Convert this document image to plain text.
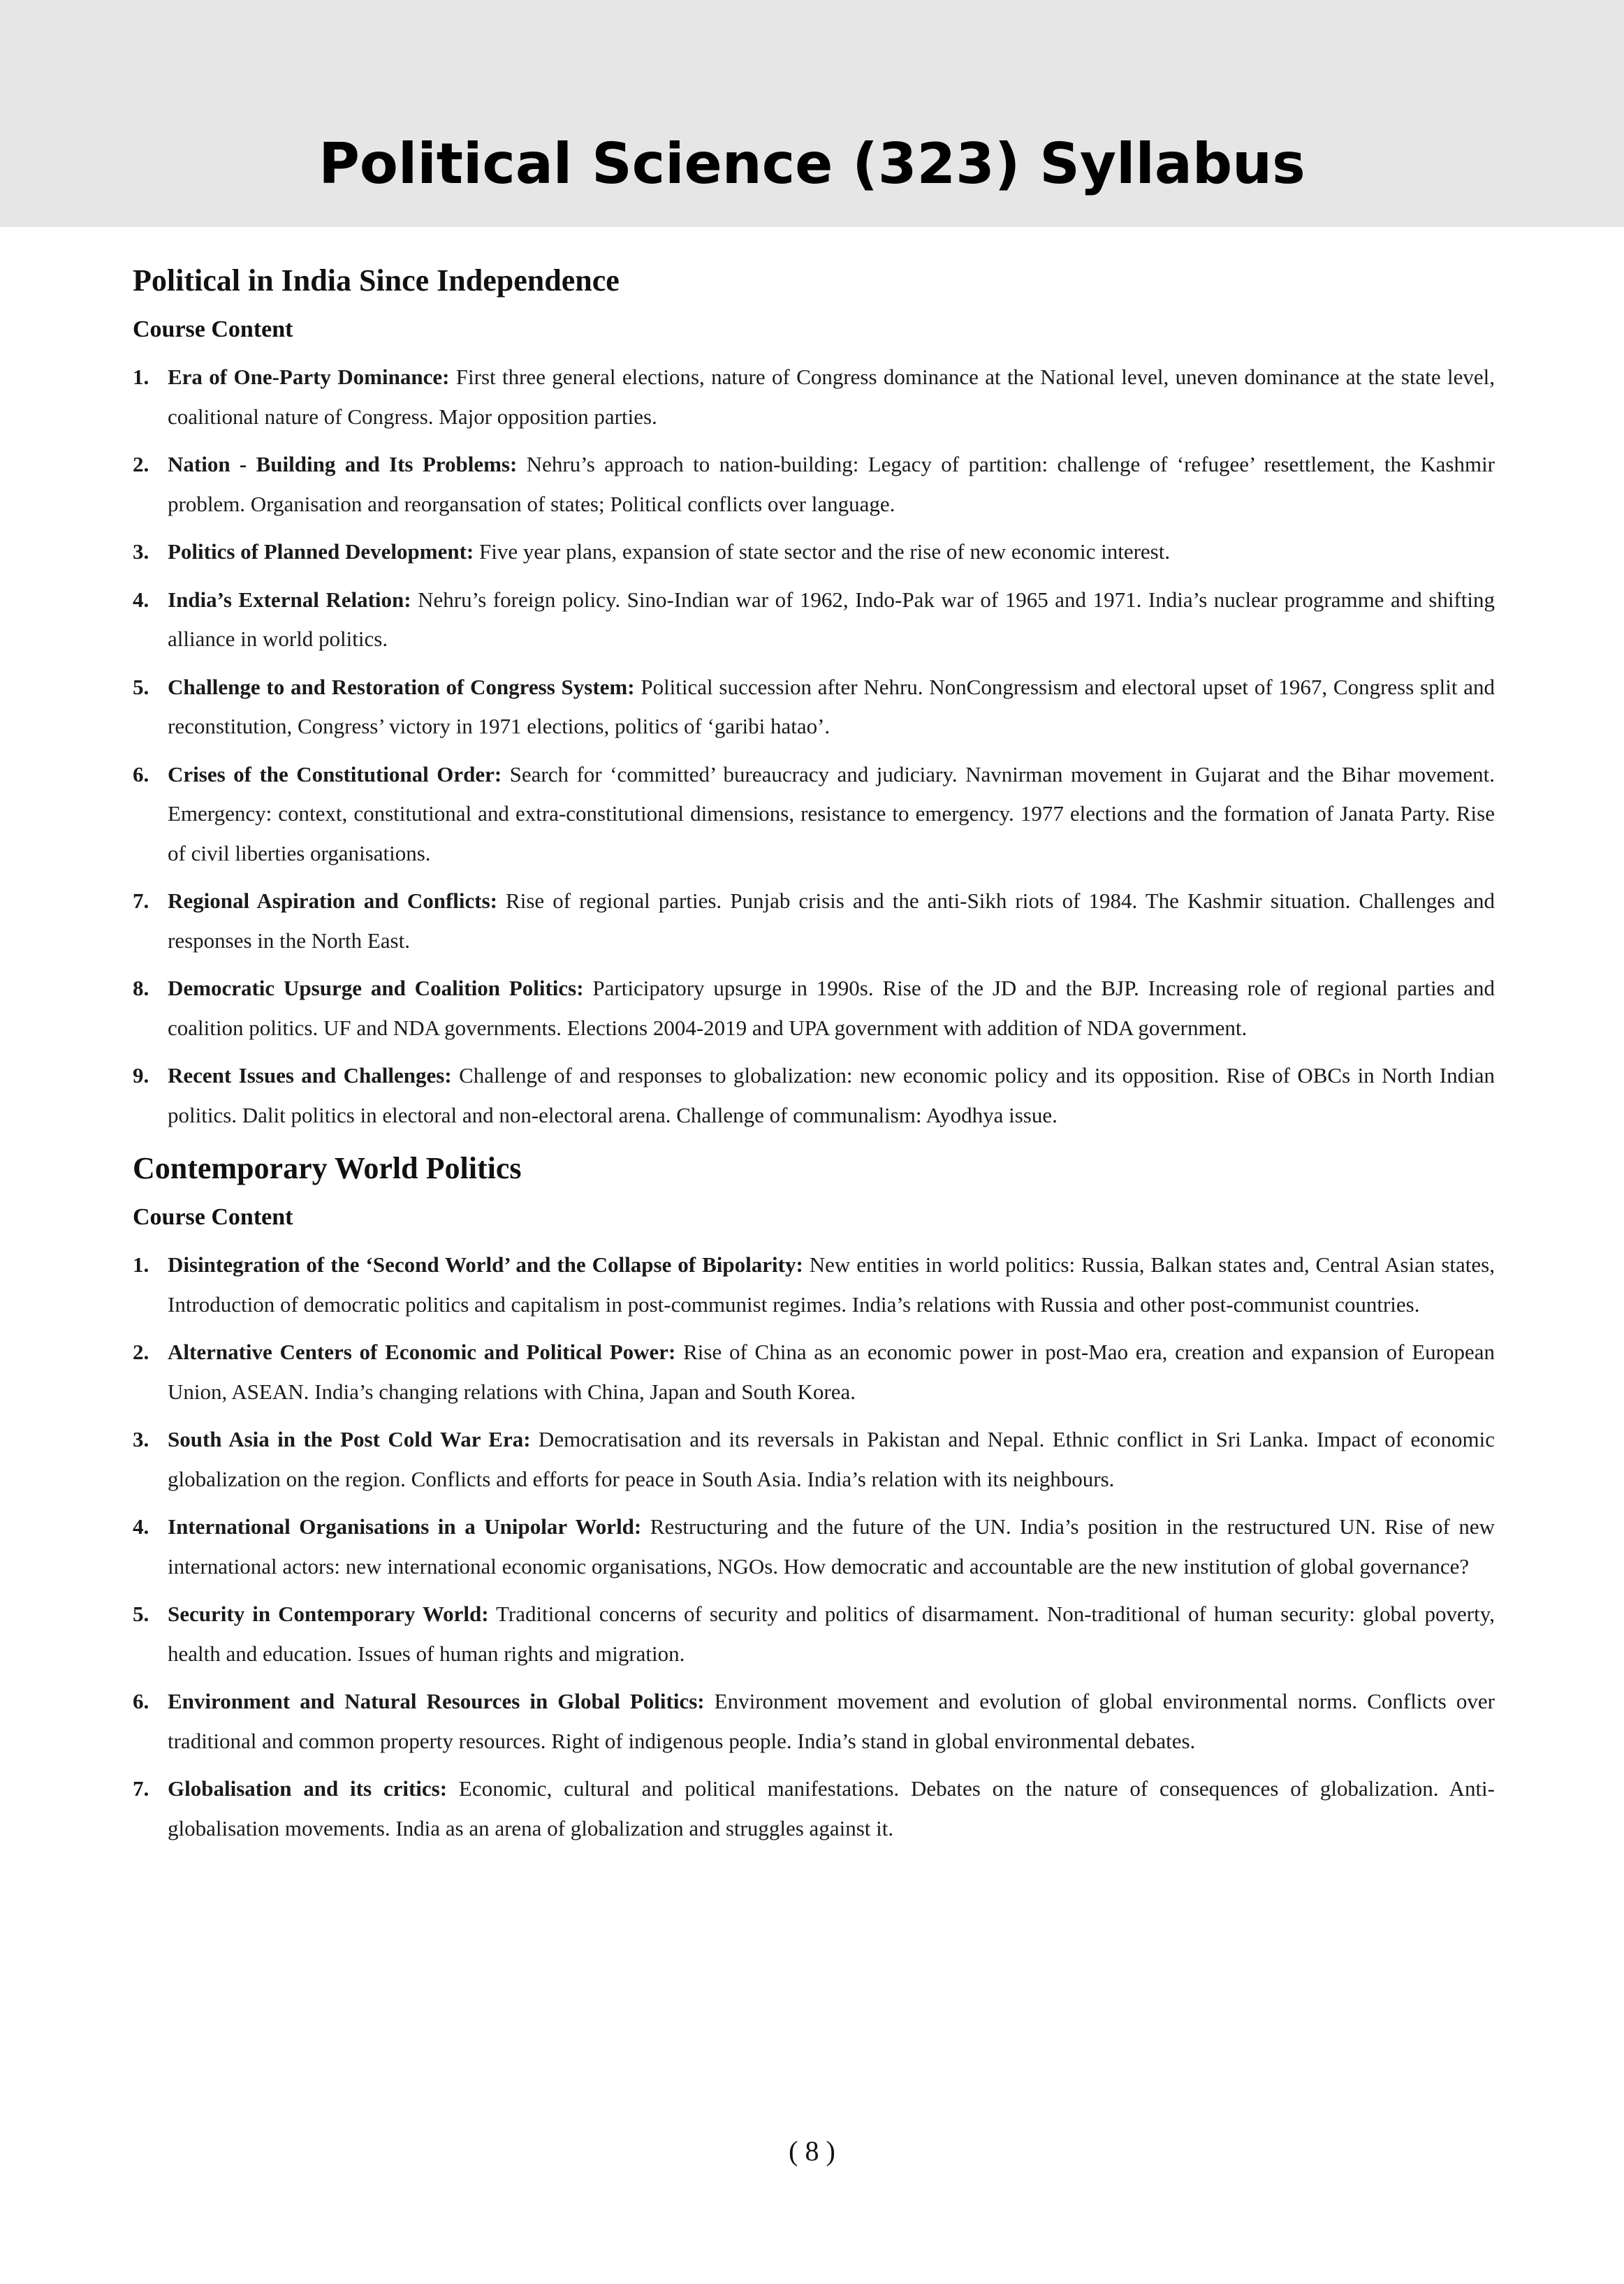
Political Science (323) Syllabus
Political in India Since Independence
Course Content
1. Era of One-Party Dominance: First three general elections, nature of Congress dominance at the National level, uneven dominance at the state level, coalitional nature of Congress. Major opposition parties.
2. Nation - Building and Its Problems: Nehru’s approach to nation-building: Legacy of partition: challenge of ‘refugee’ resettlement, the Kashmir problem. Organisation and reorgansation of states; Political conflicts over language.
3. Politics of Planned Development: Five year plans, expansion of state sector and the rise of new economic interest.
4. India’s External Relation: Nehru’s foreign policy. Sino-Indian war of 1962, Indo-Pak war of 1965 and 1971. India’s nuclear programme and shifting alliance in world politics.
5. Challenge to and Restoration of Congress System: Political succession after Nehru. NonCongressism and electoral upset of 1967, Congress split and reconstitution, Congress’ victory in 1971 elections, politics of ‘garibi hatao’.
6. Crises of the Constitutional Order: Search for ‘committed’ bureaucracy and judiciary. Navnirman movement in Gujarat and the Bihar movement. Emergency: context, constitutional and extra-constitutional dimensions, resistance to emergency. 1977 elections and the formation of Janata Party. Rise of civil liberties organisations.
7. Regional Aspiration and Conflicts: Rise of regional parties. Punjab crisis and the anti-Sikh riots of 1984. The Kashmir situation. Challenges and responses in the North East.
8. Democratic Upsurge and Coalition Politics: Participatory upsurge in 1990s. Rise of the JD and the BJP. Increasing role of regional parties and coalition politics. UF and NDA governments. Elections 2004-2019 and UPA government with addition of NDA government.
9. Recent Issues and Challenges: Challenge of and responses to globalization: new economic policy and its opposition. Rise of OBCs in North Indian politics. Dalit politics in electoral and non-electoral arena. Challenge of communalism: Ayodhya issue.
Contemporary World Politics
Course Content
1. Disintegration of the ‘Second World’ and the Collapse of Bipolarity: New entities in world politics: Russia, Balkan states and, Central Asian states, Introduction of democratic politics and capitalism in post-communist regimes. India’s relations with Russia and other post-communist countries.
2. Alternative Centers of Economic and Political Power: Rise of China as an economic power in post-Mao era, creation and expansion of European Union, ASEAN. India’s changing relations with China, Japan and South Korea.
3. South Asia in the Post Cold War Era: Democratisation and its reversals in Pakistan and Nepal. Ethnic conflict in Sri Lanka. Impact of economic globalization on the region. Conflicts and efforts for peace in South Asia. India’s relation with its neighbours.
4. International Organisations in a Unipolar World: Restructuring and the future of the UN. India’s position in the restructured UN. Rise of new international actors: new international economic organisations, NGOs. How democratic and accountable are the new institution of global governance?
5. Security in Contemporary World: Traditional concerns of security and politics of disarmament. Non-traditional of human security: global poverty, health and education. Issues of human rights and migration.
6. Environment and Natural Resources in Global Politics: Environment movement and evolution of global environmental norms. Conflicts over traditional and common property resources. Right of indigenous people. India’s stand in global environmental debates.
7. Globalisation and its critics: Economic, cultural and political manifestations. Debates on the nature of consequences of globalization. Anti-globalisation movements. India as an arena of globalization and struggles against it.
( 8 )
